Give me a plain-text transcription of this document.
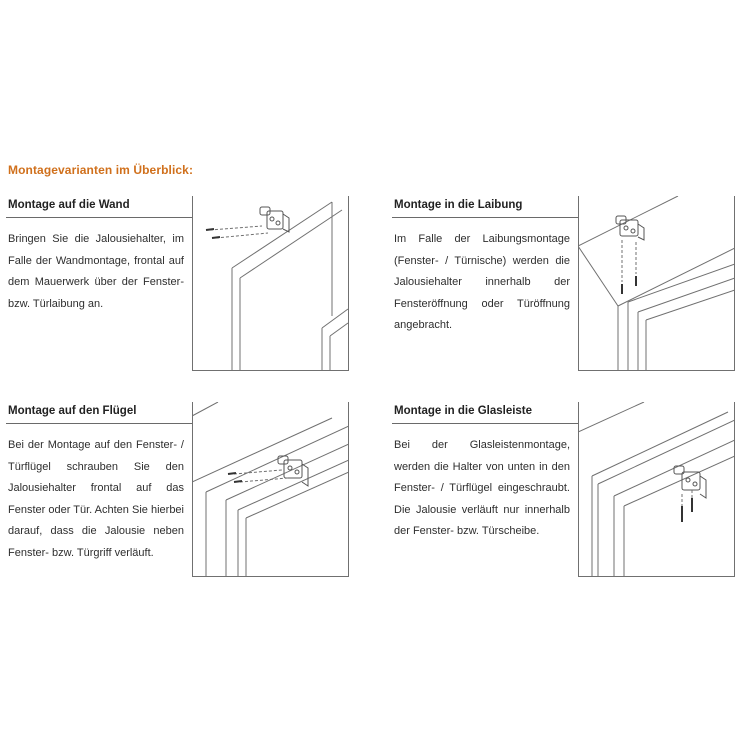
Montagevarianten im Überblick:
Montage auf die Wand

Bringen Sie die Jalousiehalter, im Falle der Wandmontage, frontal auf dem Mauerwerk über der Fenster- bzw. Türlaibung an.

Montage in die Laibung

Im Falle der Laibungsmontage (Fenster- / Türnische) werden die Jalousiehalter innerhalb der Fensteröffnung oder Türöffnung angebracht.

Montage auf den Flügel

Bei der Montage auf den Fenster- / Türflügel schrauben Sie den Jalousiehalter frontal auf das Fenster oder Tür. Achten Sie hierbei darauf, dass die Jalousie neben Fenster- bzw. Türgriff verläuft.

Montage in die Glasleiste

Bei der Glasleistenmontage, werden die Halter von unten in den Fenster- / Türflügel eingeschraubt. Die Jalousie verläuft nur innerhalb der Fenster- bzw. Türscheibe.
